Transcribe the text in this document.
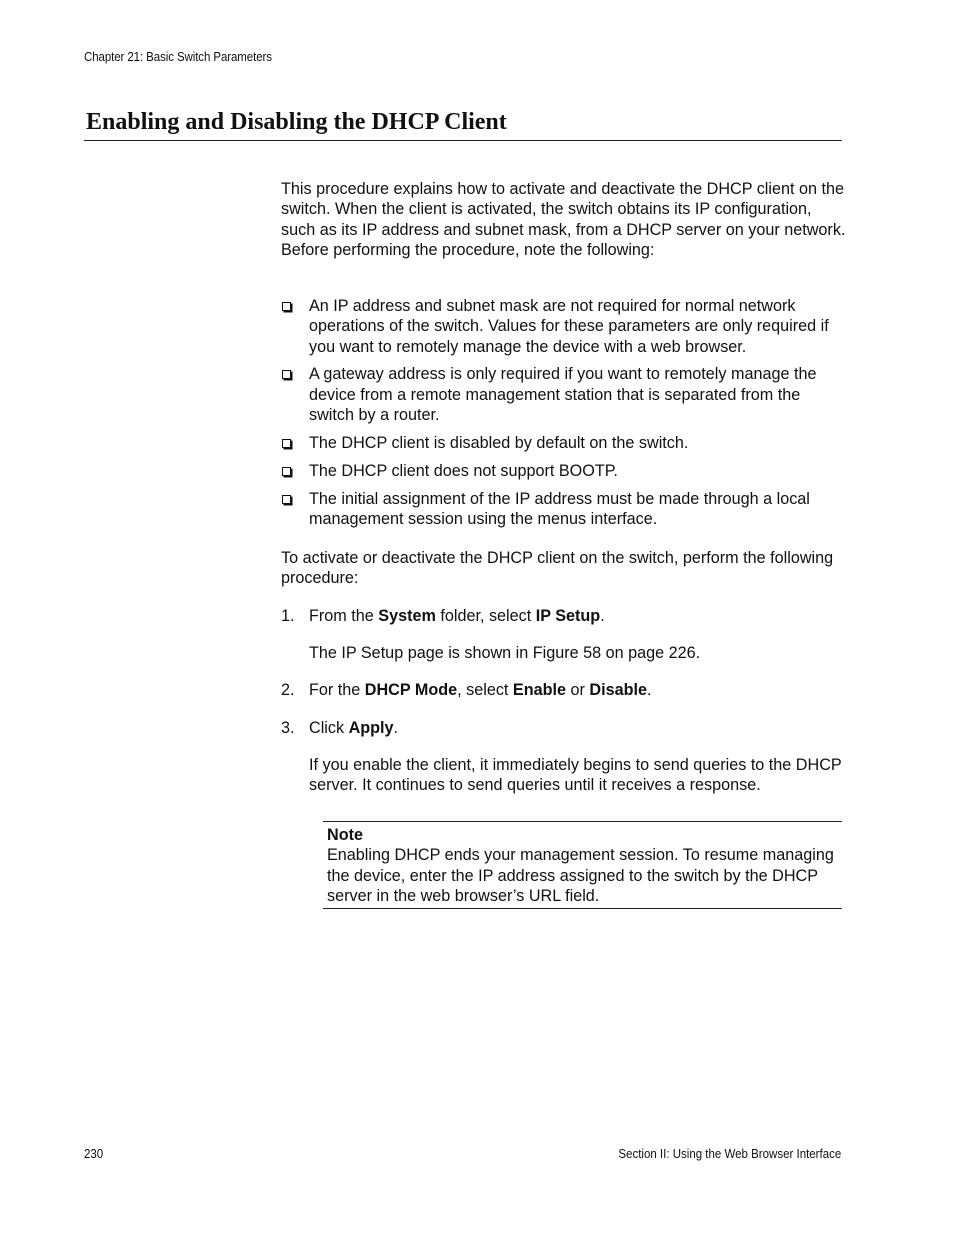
Chapter 21: Basic Switch Parameters
Enabling and Disabling the DHCP Client

This procedure explains how to activate and deactivate the DHCP client on the switch. When the client is activated, the switch obtains its IP configuration, such as its IP address and subnet mask, from a DHCP server on your network. Before performing the procedure, note the following:

An IP address and subnet mask are not required for normal network operations of the switch. Values for these parameters are only required if you want to remotely manage the device with a web browser.
A gateway address is only required if you want to remotely manage the device from a remote management station that is separated from the switch by a router.
The DHCP client is disabled by default on the switch.
The DHCP client does not support BOOTP.
The initial assignment of the IP address must be made through a local management session using the menus interface.

To activate or deactivate the DHCP client on the switch, perform the following procedure:

1. From the System folder, select IP Setup.
The IP Setup page is shown in Figure 58 on page 226.
2. For the DHCP Mode, select Enable or Disable.
3. Click Apply.
If you enable the client, it immediately begins to send queries to the DHCP server. It continues to send queries until it receives a response.
Note
Enabling DHCP ends your management session. To resume managing the device, enter the IP address assigned to the switch by the DHCP server in the web browser’s URL field.
230	Section II: Using the Web Browser Interface
